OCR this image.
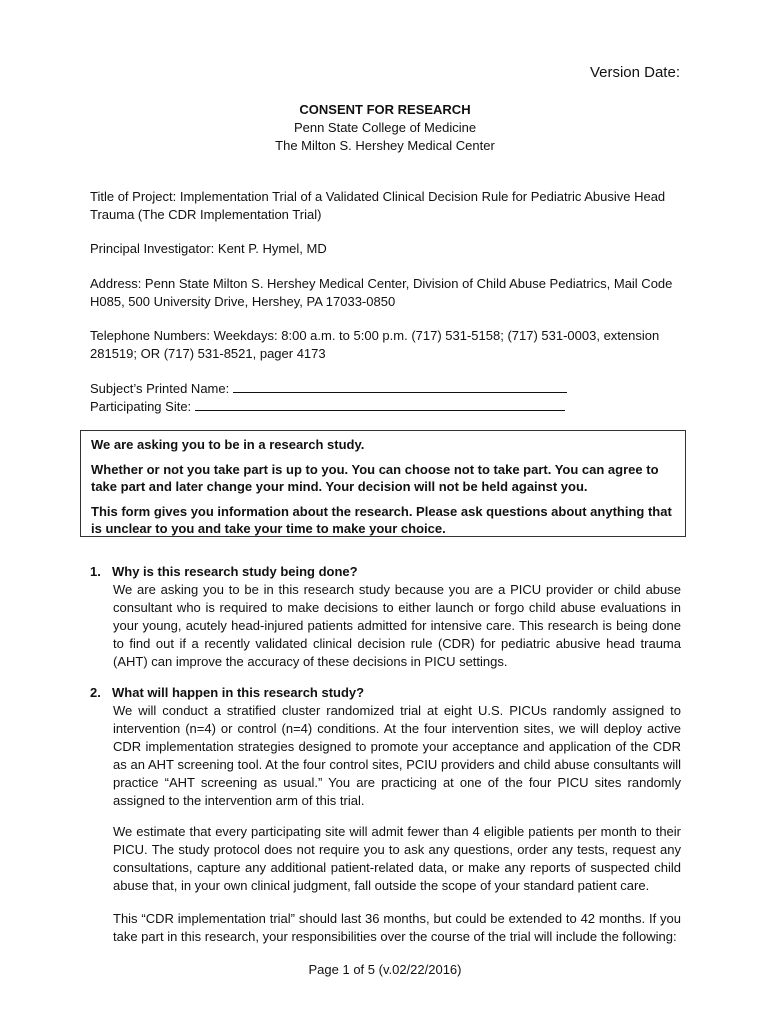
Version Date:
CONSENT FOR RESEARCH
Penn State College of Medicine
The Milton S. Hershey Medical Center
Title of Project: Implementation Trial of a Validated Clinical Decision Rule for Pediatric Abusive Head Trauma (The CDR Implementation Trial)
Principal Investigator: Kent P. Hymel, MD
Address: Penn State Milton S. Hershey Medical Center, Division of Child Abuse Pediatrics, Mail Code H085, 500 University Drive, Hershey, PA 17033-0850
Telephone Numbers: Weekdays: 8:00 a.m. to 5:00 p.m. (717) 531-5158; (717) 531-0003, extension 281519; OR (717) 531-8521, pager 4173
Subject’s Printed Name:
Participating Site:

We are asking you to be in a research study.

Whether or not you take part is up to you. You can choose not to take part. You can agree to take part and later change your mind. Your decision will not be held against you.

This form gives you information about the research. Please ask questions about anything that is unclear to you and take your time to make your choice.

1. Why is this research study being done?
We are asking you to be in this research study because you are a PICU provider or child abuse consultant who is required to make decisions to either launch or forgo child abuse evaluations in your young, acutely head-injured patients admitted for intensive care. This research is being done to find out if a recently validated clinical decision rule (CDR) for pediatric abusive head trauma (AHT) can improve the accuracy of these decisions in PICU settings.
2. What will happen in this research study?
We will conduct a stratified cluster randomized trial at eight U.S. PICUs randomly assigned to intervention (n=4) or control (n=4) conditions. At the four intervention sites, we will deploy active CDR implementation strategies designed to promote your acceptance and application of the CDR as an AHT screening tool. At the four control sites, PCIU providers and child abuse consultants will practice “AHT screening as usual.” You are practicing at one of the four PICU sites randomly assigned to the intervention arm of this trial.
We estimate that every participating site will admit fewer than 4 eligible patients per month to their PICU. The study protocol does not require you to ask any questions, order any tests, request any consultations, capture any additional patient-related data, or make any reports of suspected child abuse that, in your own clinical judgment, fall outside the scope of your standard patient care.
This “CDR implementation trial” should last 36 months, but could be extended to 42 months. If you take part in this research, your responsibilities over the course of the trial will include the following:
Page 1 of 5 (v.02/22/2016)
